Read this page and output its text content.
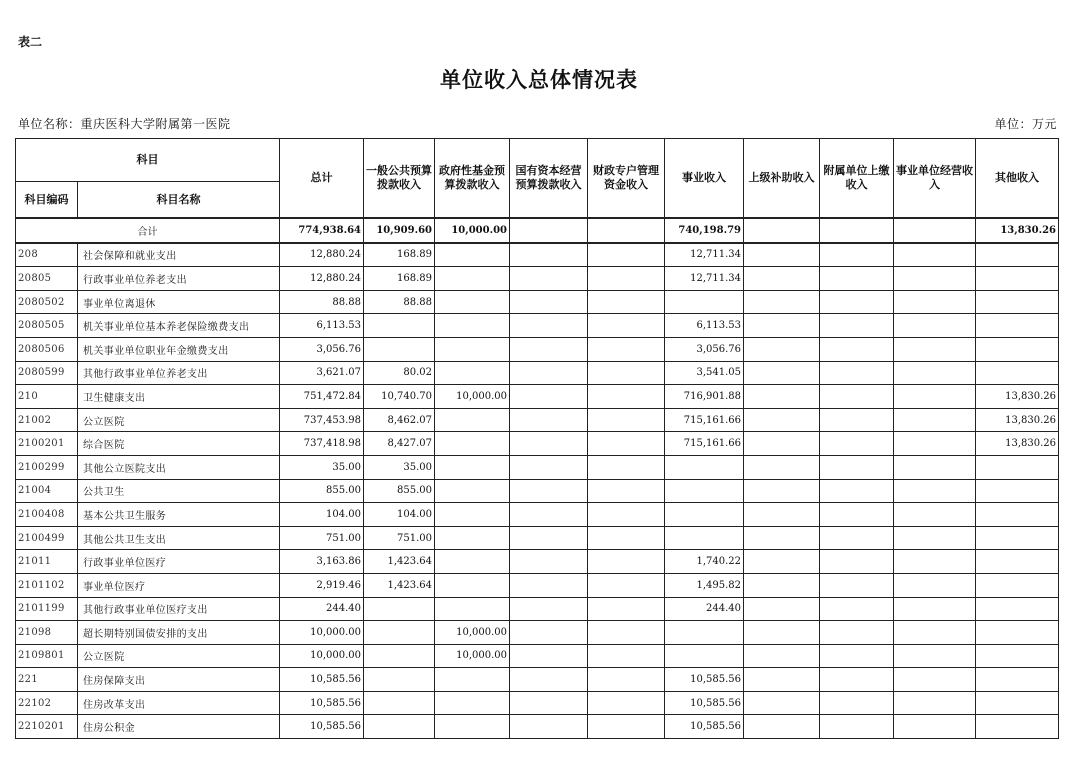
表二
单位收入总体情况表
单位名称：重庆医科大学附属第一医院	单位：万元
科目		总计	一般公共预算拨款收入	政府性基金预算拨款收入	国有资本经营预算拨款收入	财政专户管理资金收入	事业收入	上级补助收入	附属单位上缴收入	事业单位经营收入	其他收入
科目编码	科目名称										
合计		774,938.64	10,909.60	10,000.00			740,198.79				13,830.26
208	社会保障和就业支出	12,880.24	168.89				12,711.34				
20805	行政事业单位养老支出	12,880.24	168.89				12,711.34				
2080502	事业单位离退休	88.88	88.88								
2080505	机关事业单位基本养老保险缴费支出	6,113.53					6,113.53				
2080506	机关事业单位职业年金缴费支出	3,056.76					3,056.76				
2080599	其他行政事业单位养老支出	3,621.07	80.02				3,541.05				
210	卫生健康支出	751,472.84	10,740.70	10,000.00			716,901.88				13,830.26
21002	公立医院	737,453.98	8,462.07				715,161.66				13,830.26
2100201	综合医院	737,418.98	8,427.07				715,161.66				13,830.26
2100299	其他公立医院支出	35.00	35.00								
21004	公共卫生	855.00	855.00								
2100408	基本公共卫生服务	104.00	104.00								
2100499	其他公共卫生支出	751.00	751.00								
21011	行政事业单位医疗	3,163.86	1,423.64				1,740.22				
2101102	事业单位医疗	2,919.46	1,423.64				1,495.82				
2101199	其他行政事业单位医疗支出	244.40					244.40				
21098	超长期特别国债安排的支出	10,000.00		10,000.00							
2109801	公立医院	10,000.00		10,000.00							
221	住房保障支出	10,585.56					10,585.56				
22102	住房改革支出	10,585.56					10,585.56				
2210201	住房公积金	10,585.56					10,585.56				
